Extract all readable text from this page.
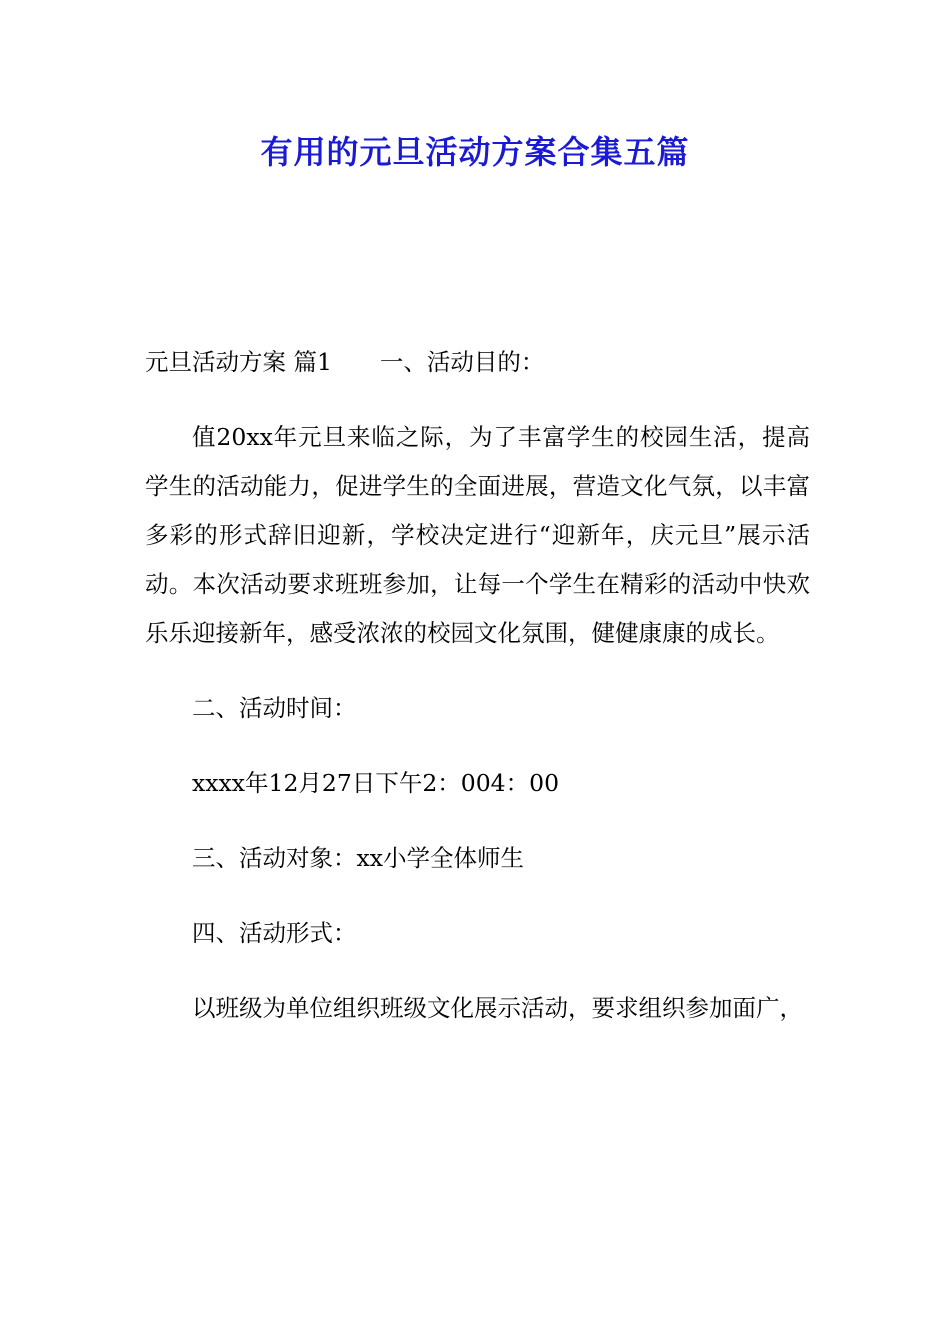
有用的元旦活动方案合集五篇

元旦活动方案 篇1 一、活动目的：

值20xx年元旦来临之际，为了丰富学生的校园生活，提高学生的活动能力，促进学生的全面进展，营造文化气氛，以丰富多彩的形式辞旧迎新，学校决定进行“迎新年，庆元旦”展示活动。本次活动要求班班参加，让每一个学生在精彩的活动中快欢乐乐迎接新年，感受浓浓的校园文化氛围，健健康康的成长。

二、活动时间：

xxxx年12月27日下午2：004：00

三、活动对象：xx小学全体师生

四、活动形式：

以班级为单位组织班级文化展示活动，要求组织参加面广，
